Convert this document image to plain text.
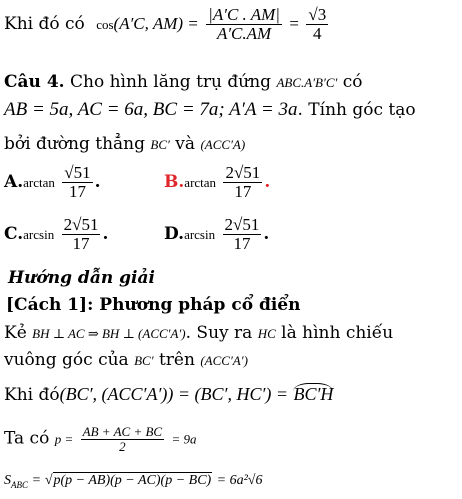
Khi đó có cos(A′C, $AM) = \frac{|A'C . AM|}{A'C.AM} = \frac{√3}{4}$
Câu 4. Cho hình lăng trụ đứng ABC.A′B′C′ có
AB = 5a, AC = 6a, BC = 7a; A′A = 3a. Tính góc tạo
bởi đường thẳng BC′ và (ACC′A)
$A.\arctan \frac{√51}{17}$ .	$B.\arctan \frac{2√51}{17}$ .
$C.\arcsin \frac{2√51}{17}$ .	$D.\arcsin \frac{2√51}{17}$ .
Hướng dẫn giải
[Cách 1]: Phương pháp cổ điển
Kẻ BH ⊥ AC ⇒ BH ⊥ (ACC′A′). Suy ra HC là hình chiếu
vuông góc của BC′ trên (ACC′A′)
Khi đó(BC′, (ACC′A′)) = (BC′, HC′) = BC′H
Ta có $p = \frac{AB + AC + BC}{2} = 9a$
$S_{ABC} = √p(p - AB)(p - AC)(p - BC) = 6a^2√6$
